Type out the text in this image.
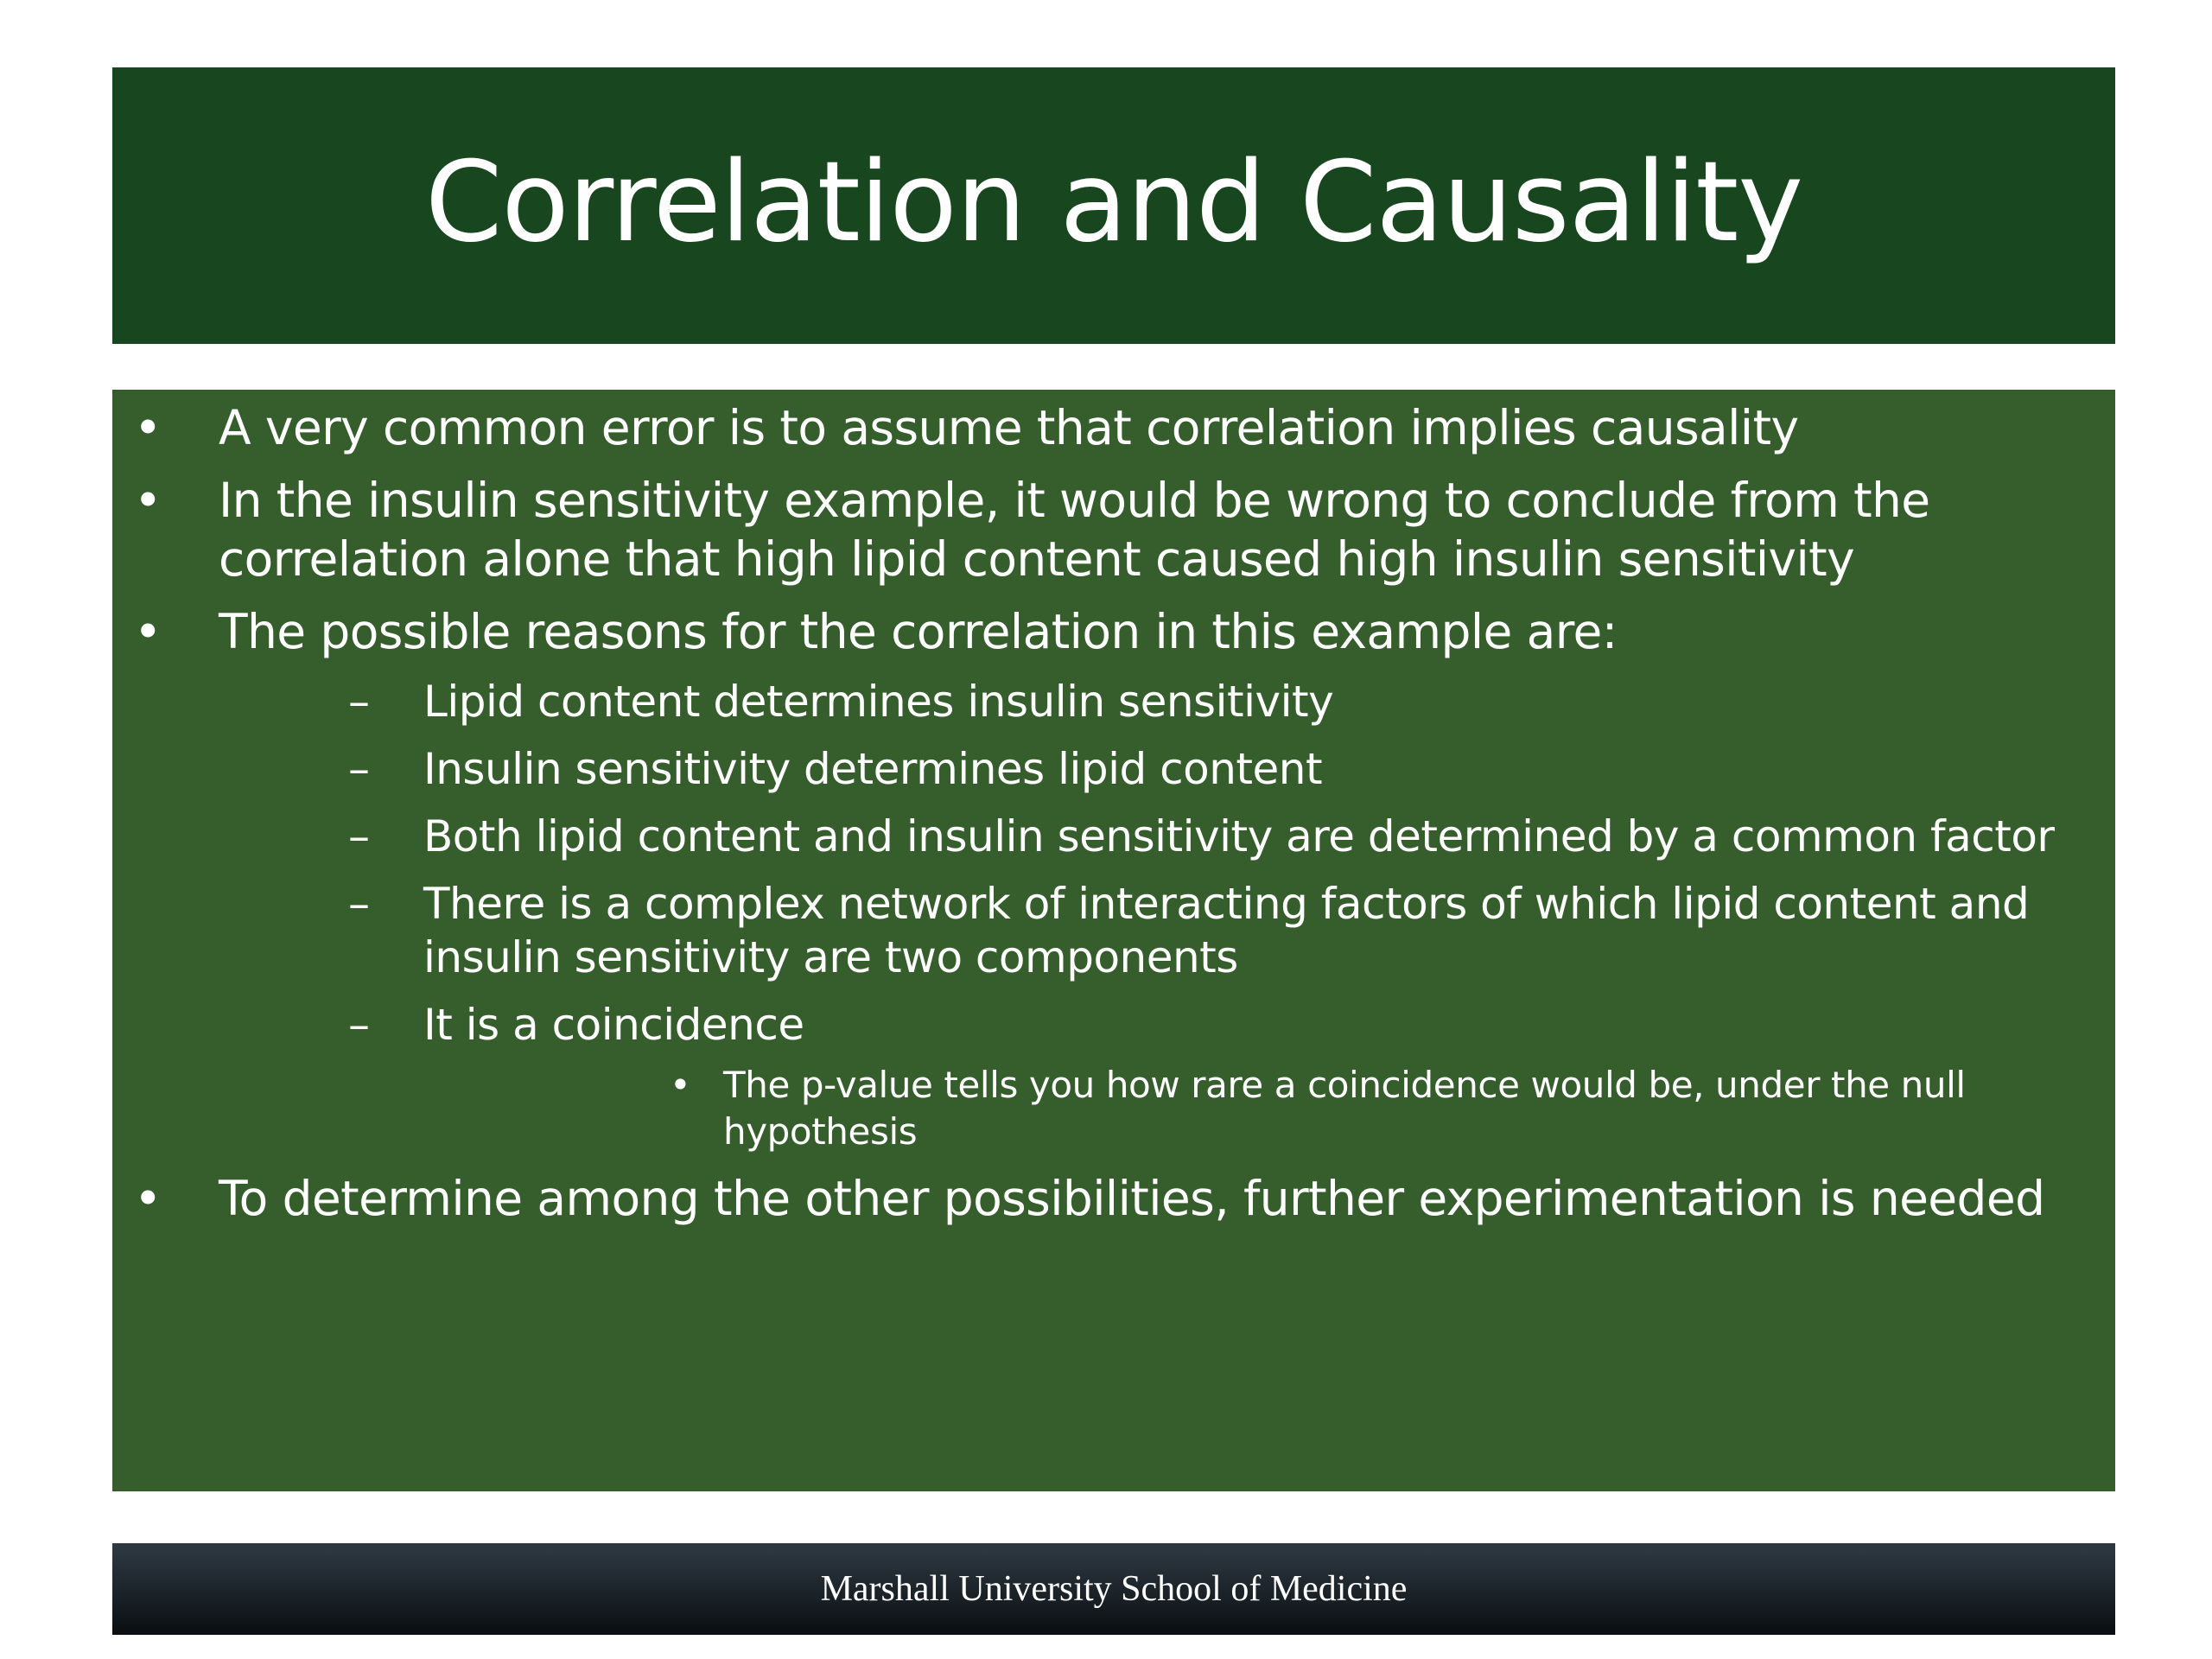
Correlation and Causality
• A very common error is to assume that correlation implies causality
• In the insulin sensitivity example, it would be wrong to conclude from the correlation alone that high lipid content caused high insulin sensitivity
• The possible reasons for the correlation in this example are:
– Lipid content determines insulin sensitivity
– Insulin sensitivity determines lipid content
– Both lipid content and insulin sensitivity are determined by a common factor
– There is a complex network of interacting factors of which lipid content and insulin sensitivity are two components
– It is a coincidence
• The p-value tells you how rare a coincidence would be, under the null hypothesis
• To determine among the other possibilities, further experimentation is needed
Marshall University School of Medicine
